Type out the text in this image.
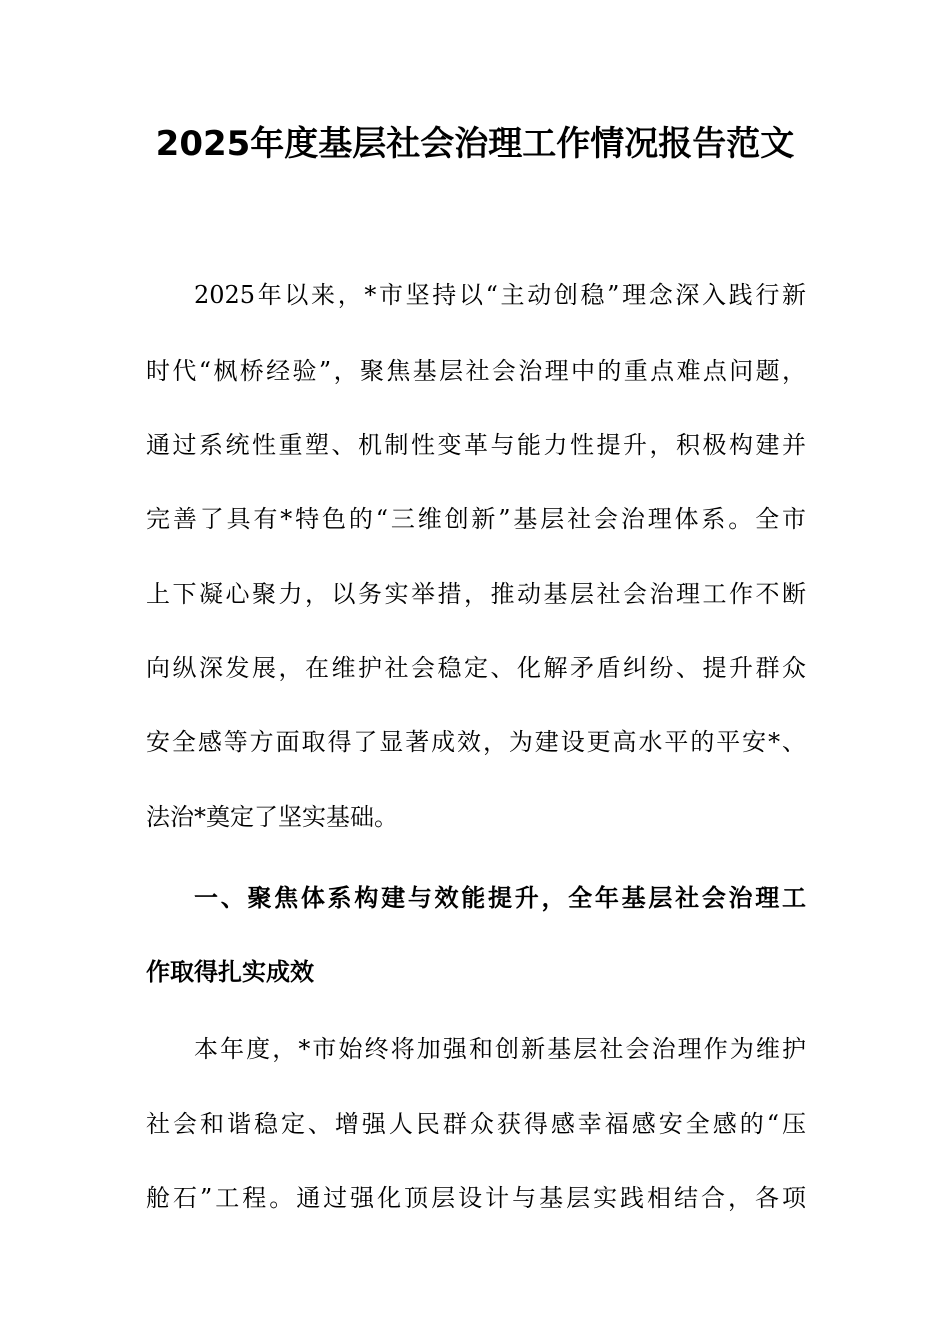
2025年度基层社会治理工作情况报告范文
2025年以来，*市坚持以“主动创稳”理念深入践行新
时代“枫桥经验”，聚焦基层社会治理中的重点难点问题，
通过系统性重塑、机制性变革与能力性提升，积极构建并
完善了具有*特色的“三维创新”基层社会治理体系。全市
上下凝心聚力，以务实举措，推动基层社会治理工作不断
向纵深发展，在维护社会稳定、化解矛盾纠纷、提升群众
安全感等方面取得了显著成效，为建设更高水平的平安*、
法治*奠定了坚实基础。
一、聚焦体系构建与效能提升，全年基层社会治理工
作取得扎实成效
本年度，*市始终将加强和创新基层社会治理作为维护
社会和谐稳定、增强人民群众获得感幸福感安全感的“压
舱石”工程。通过强化顶层设计与基层实践相结合，各项
